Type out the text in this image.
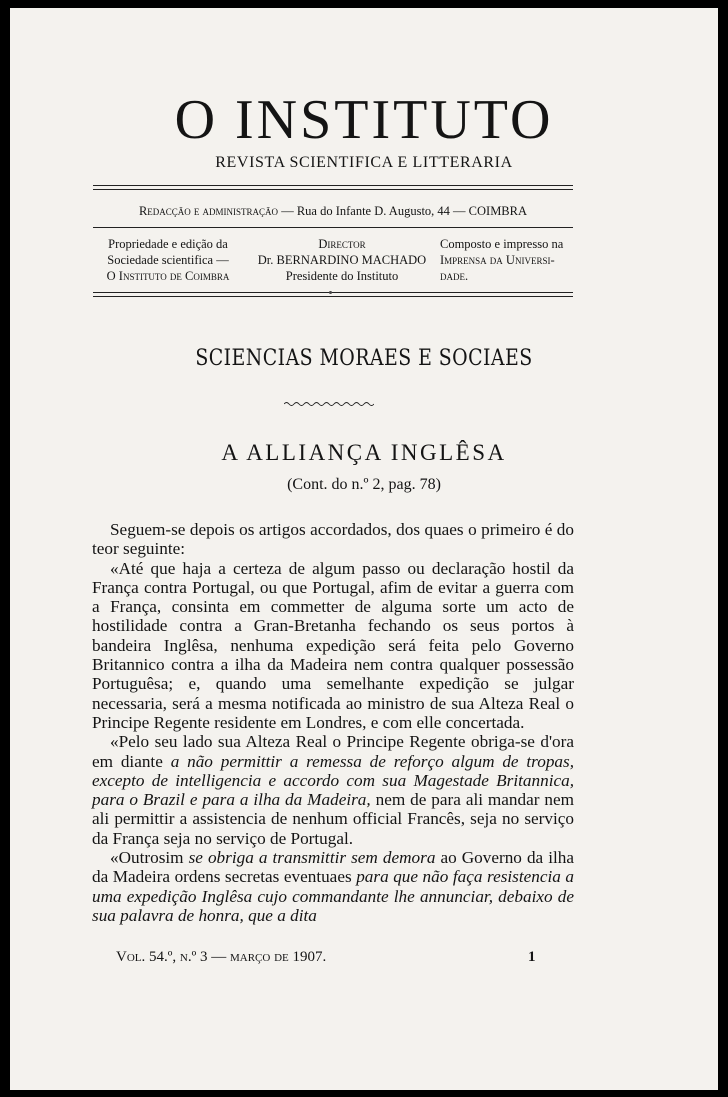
O INSTITUTO
REVISTA SCIENTIFICA E LITTERARIA
Redacção e administração — Rua do Infante D. Augusto, 44 — COIMBRA
Propriedade e edição da
Sociedade scientifica —
O Instituto de Coimbra
Director
Dr. BERNARDINO MACHADO
Presidente do Instituto
Composto e impresso na
Imprensa da Universi-
dade.
SCIENCIAS MORAES E SOCIAES
A ALLIANÇA INGLÊSA
(Cont. do n.º 2, pag. 78)

Seguem-se depois os artigos accordados, dos quaes o primeiro é do teor seguinte:

«Até que haja a certeza de algum passo ou declaração hostil da França contra Portugal, ou que Portugal, afim de evitar a guerra com a França, consinta em commetter de alguma sorte um acto de hostilidade contra a Gran-Bretanha fechando os seus portos à bandeira Inglêsa, nenhuma expedição será feita pelo Governo Britannico contra a ilha da Madeira nem contra qualquer possessão Portuguêsa; e, quando uma semelhante expedição se julgar necessaria, será a mesma notificada ao ministro de sua Alteza Real o Principe Regente residente em Londres, e com elle concertada.

«Pelo seu lado sua Alteza Real o Principe Regente obriga-se d'ora em diante a não permittir a remessa de reforço algum de tropas, excepto de intelligencia e accordo com sua Magestade Britannica, para o Brazil e para a ilha da Madeira, nem de para ali mandar nem ali permittir a assistencia de nenhum official Francês, seja no serviço da França seja no serviço de Portugal.

«Outrosim se obriga a transmittir sem demora ao Governo da ilha da Madeira ordens secretas eventuaes para que não faça resistencia a uma expedição Inglêsa cujo commandante lhe annunciar, debaixo de sua palavra de honra, que a dita

Vol. 54.º, n.º 3 — março de 1907.	1
